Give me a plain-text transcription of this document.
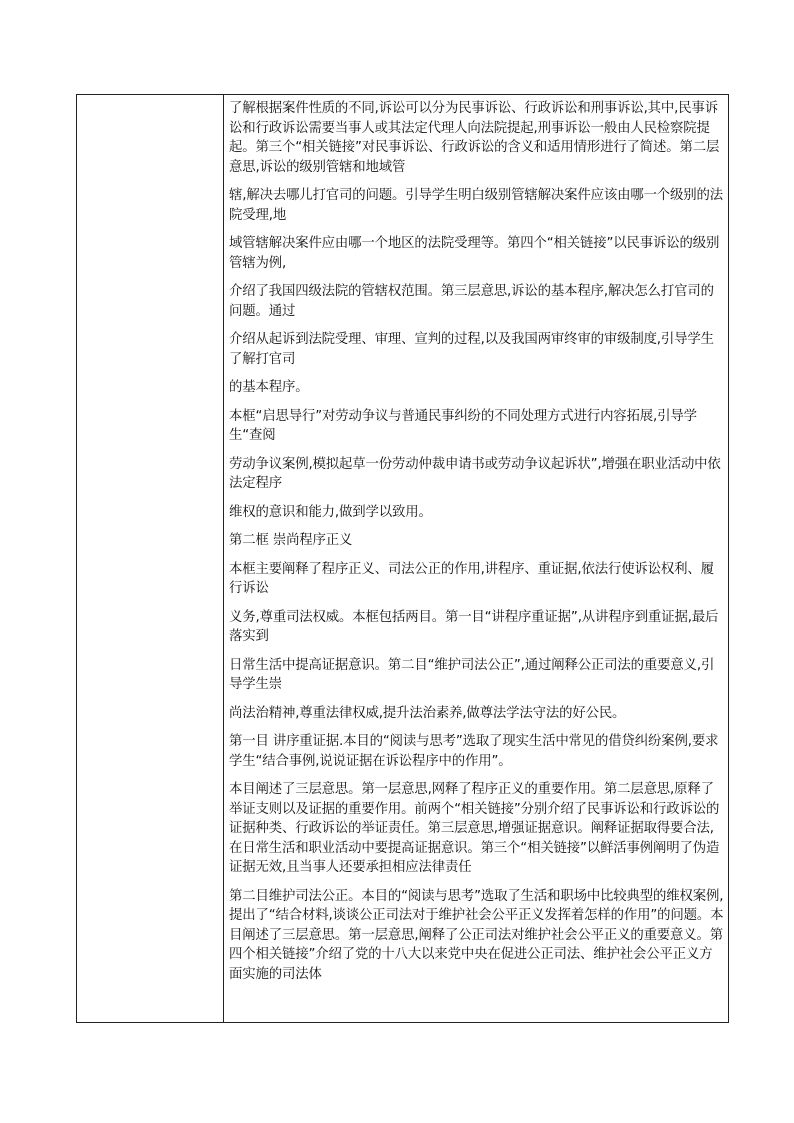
了解根据案件性质的不同,诉讼可以分为民事诉讼、行政诉讼和刑事诉讼,其中,民事诉讼和行政诉讼需要当事人或其法定代理人向法院提起,刑事诉讼一般由人民检察院提起。第三个“相关链接”对民事诉讼、行政诉讼的含义和适用情形进行了简述。第二层意思,诉讼的级别管辖和地域管

辖,解决去哪儿打官司的问题。引导学生明白级别管辖解决案件应该由哪一个级别的法院受理,地

域管辖解决案件应由哪一个地区的法院受理等。第四个“相关链接”以民事诉讼的级别管辖为例,

介绍了我国四级法院的管辖权范围。第三层意思,诉讼的基本程序,解决怎么打官司的问题。通过

介绍从起诉到法院受理、审理、宣判的过程,以及我国两审终审的审级制度,引导学生了解打官司

的基本程序。

本框“启思导行”对劳动争议与普通民事纠纷的不同处理方式进行内容拓展,引导学生“查阅

劳动争议案例,模拟起草一份劳动仲裁申请书或劳动争议起诉状”,增强在职业活动中依法定程序

维权的意识和能力,做到学以致用。

第二框 崇尚程序正义

本框主要阐释了程序正义、司法公正的作用,讲程序、重证据,依法行使诉讼权利、履行诉讼

义务,尊重司法权威。本框包括两目。第一目“讲程序重证据”,从讲程序到重证据,最后落实到

日常生活中提高证据意识。第二目“维护司法公正”,通过阐释公正司法的重要意义,引导学生崇

尚法治精神,尊重法律权威,提升法治素养,做尊法学法守法的好公民。

第一目 讲序重证据.本目的“阅读与思考”选取了现实生活中常见的借贷纠纷案例,要求学生“结合事例,说说证据在诉讼程序中的作用”。

本目阐述了三层意思。第一层意思,网释了程序正义的重要作用。第二层意思,原释了举证支则以及证据的重要作用。前两个“相关链接”分别介绍了民事诉讼和行政诉讼的证据种类、行政诉讼的举证责任。第三层意思,增强证据意识。阐释证据取得要合法,在日常生活和职业活动中要提高证据意识。第三个“相关链接”以鲜活事例阐明了伪造证据无效,且当事人还要承担相应法律责任

第二目维护司法公正。本目的“阅读与思考”选取了生活和职场中比较典型的维权案例,提出了“结合材料,谈谈公正司法对于维护社会公平正义发挥着怎样的作用”的问题。本目阐述了三层意思。第一层意思,阐释了公正司法对维护社会公平正义的重要意义。第四个相关链接”介绍了党的十八大以来党中央在促进公正司法、维护社会公平正义方面实施的司法体
